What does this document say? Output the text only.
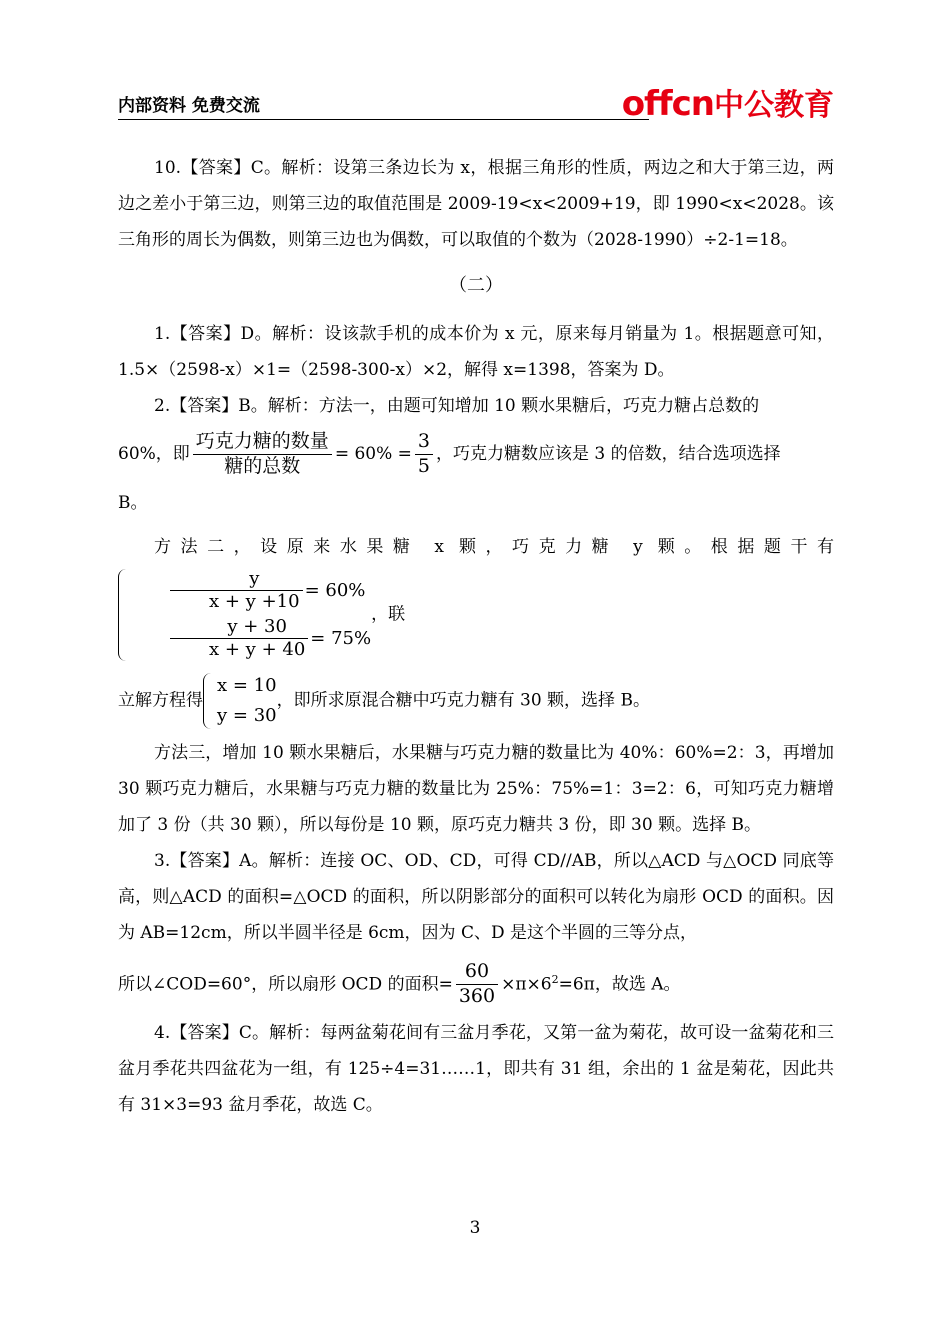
内部资料 免费交流	offcn中公教育

10.【答案】C。解析：设第三条边长为 x，根据三角形的性质，两边之和大于第三边，两边之差小于第三边，则第三边的取值范围是 2009-19<x<2009+19，即 1990<x<2028。该三角形的周长为偶数，则第三边也为偶数，可以取值的个数为（2028-1990）÷2-1=18。

（二）

1.【答案】D。解析：设该款手机的成本价为 x 元，原来每月销量为 1。根据题意可知，1.5×（2598-x）×1=（2598-300-x）×2，解得 x=1398，答案为 D。

2.【答案】B。解析：方法一，由题可知增加 10 颗水果糖后，巧克力糖占总数的

60%，即 $\frac{\text{巧克力糖的数量}}{\text{糖的总数}} = 60\% = \frac{3}{5}$ ，巧克力糖数应该是 3 的倍数，结合选项选择

B。

方法二，设原来水果糖 x 颗，巧克力糖 y 颗。根据题干有
$\frac{y}{x + y +10} = 60\%$
$\frac{y + 30}{x + y + 40} = 75\%$
，联

立解方程得
x = 10
y = 30
，即所求原混合糖中巧克力糖有 30 颗，选择 B。

方法三，增加 10 颗水果糖后，水果糖与巧克力糖的数量比为 40%：60%=2：3，再增加 30 颗巧克力糖后，水果糖与巧克力糖的数量比为 25%：75%=1：3=2：6，可知巧克力糖增加了 3 份（共 30 颗），所以每份是 10 颗，原巧克力糖共 3 份，即 30 颗。选择 B。

3.【答案】A。解析：连接 OC、OD、CD，可得 CD//AB，所以△ACD 与△OCD 同底等高，则△ACD 的面积=△OCD 的面积，所以阴影部分的面积可以转化为扇形 OCD 的面积。因为 AB=12cm，所以半圆半径是 6cm，因为 C、D 是这个半圆的三等分点，

所以∠COD=60°，所以扇形 OCD 的面积= $\frac{60}{360} \times\pi\times 6^2=6\pi$，故选 A。

4.【答案】C。解析：每两盆菊花间有三盆月季花，又第一盆为菊花，故可设一盆菊花和三盆月季花共四盆花为一组，有 125÷4=31……1，即共有 31 组，余出的 1 盆是菊花，因此共有 31×3=93 盆月季花，故选 C。

3
